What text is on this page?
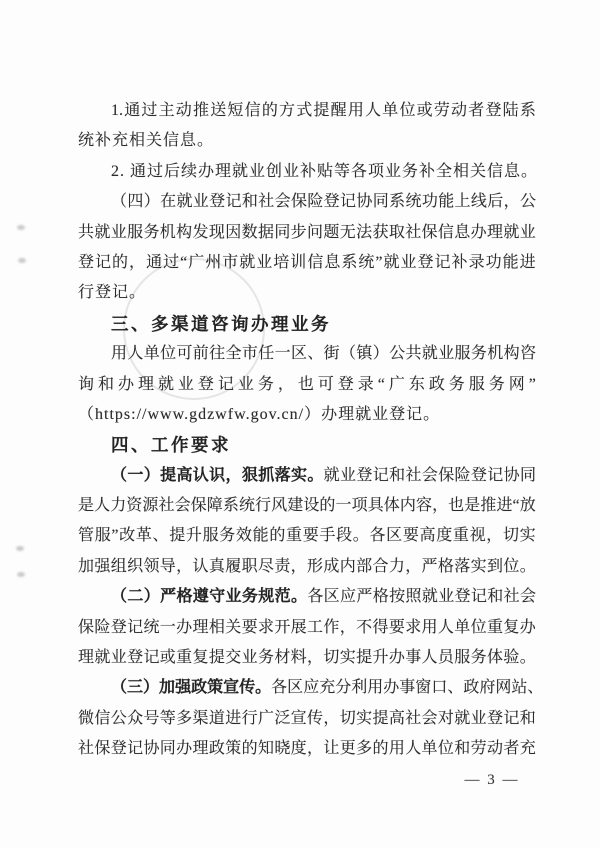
1. 通 过 主 动 推 送 短 信 的 方 式 提 醒 用 人 单 位 或 劳 动 者 登 陆 系
统补充相关信息。
2. 通过后续办理就业创业补贴等各项业务补全相关信息。
（ 四 ） 在 就 业 登 记 和 社 会 保 险 登 记 协 同 系 统 功 能 上 线 后 ， 公
共 就 业 服 务 机 构 发 现 因 数 据 同 步 问 题 无 法 获 取 社 保 信 息 办 理 就 业
登 记 的 ， 通 过 “ 广 州 市 就 业 培 训 信 息 系 统 ” 就 业 登 记 补 录 功 能 进
行登记。
三、多渠道咨询办理业务
用 人 单 位 可 前 往 全 市 任 一 区 、 街 （ 镇 ） 公 共 就 业 服 务 机 构 咨
询 和 办 理 就 业 登 记 业 务 ， 也 可 登 录 “ 广 东 政 务 服 务 网 ”
（https://www.gdzwfw.gov.cn/）办理就业登记。
四、工作要求
（ 一 ） 提 高 认 识 ， 狠 抓 落 实 。 就 业 登 记 和 社 会 保 险 登 记 协 同
是 人 力 资 源 社 会 保 障 系 统 行 风 建 设 的 一 项 具 体 内 容 ， 也 是 推 进 “ 放
管 服 ” 改 革 、 提 升 服 务 效 能 的 重 要 手 段 。 各 区 要 高 度 重 视 ， 切 实
加 强 组 织 领 导 ， 认 真 履 职 尽 责 ， 形 成 内 部 合 力 ， 严 格 落 实 到 位 。
（ 二 ） 严 格 遵 守 业 务 规 范 。 各 区 应 严 格 按 照 就 业 登 记 和 社 会
保 险 登 记 统 一 办 理 相 关 要 求 开 展 工 作 ， 不 得 要 求 用 人 单 位 重 复 办
理 就 业 登 记 或 重 复 提 交 业 务 材 料 ， 切 实 提 升 办 事 人 员 服 务 体 验 。
（ 三 ） 加 强 政 策 宣 传 。 各 区 应 充 分 利 用 办 事 窗 口 、 政 府 网 站 、
微 信 公 众 号 等 多 渠 道 进 行 广 泛 宣 传 ， 切 实 提 高 社 会 对 就 业 登 记 和
社 保 登 记 协 同 办 理 政 策 的 知 晓 度 ， 让 更 多 的 用 人 单 位 和 劳 动 者 充
— 3 —
